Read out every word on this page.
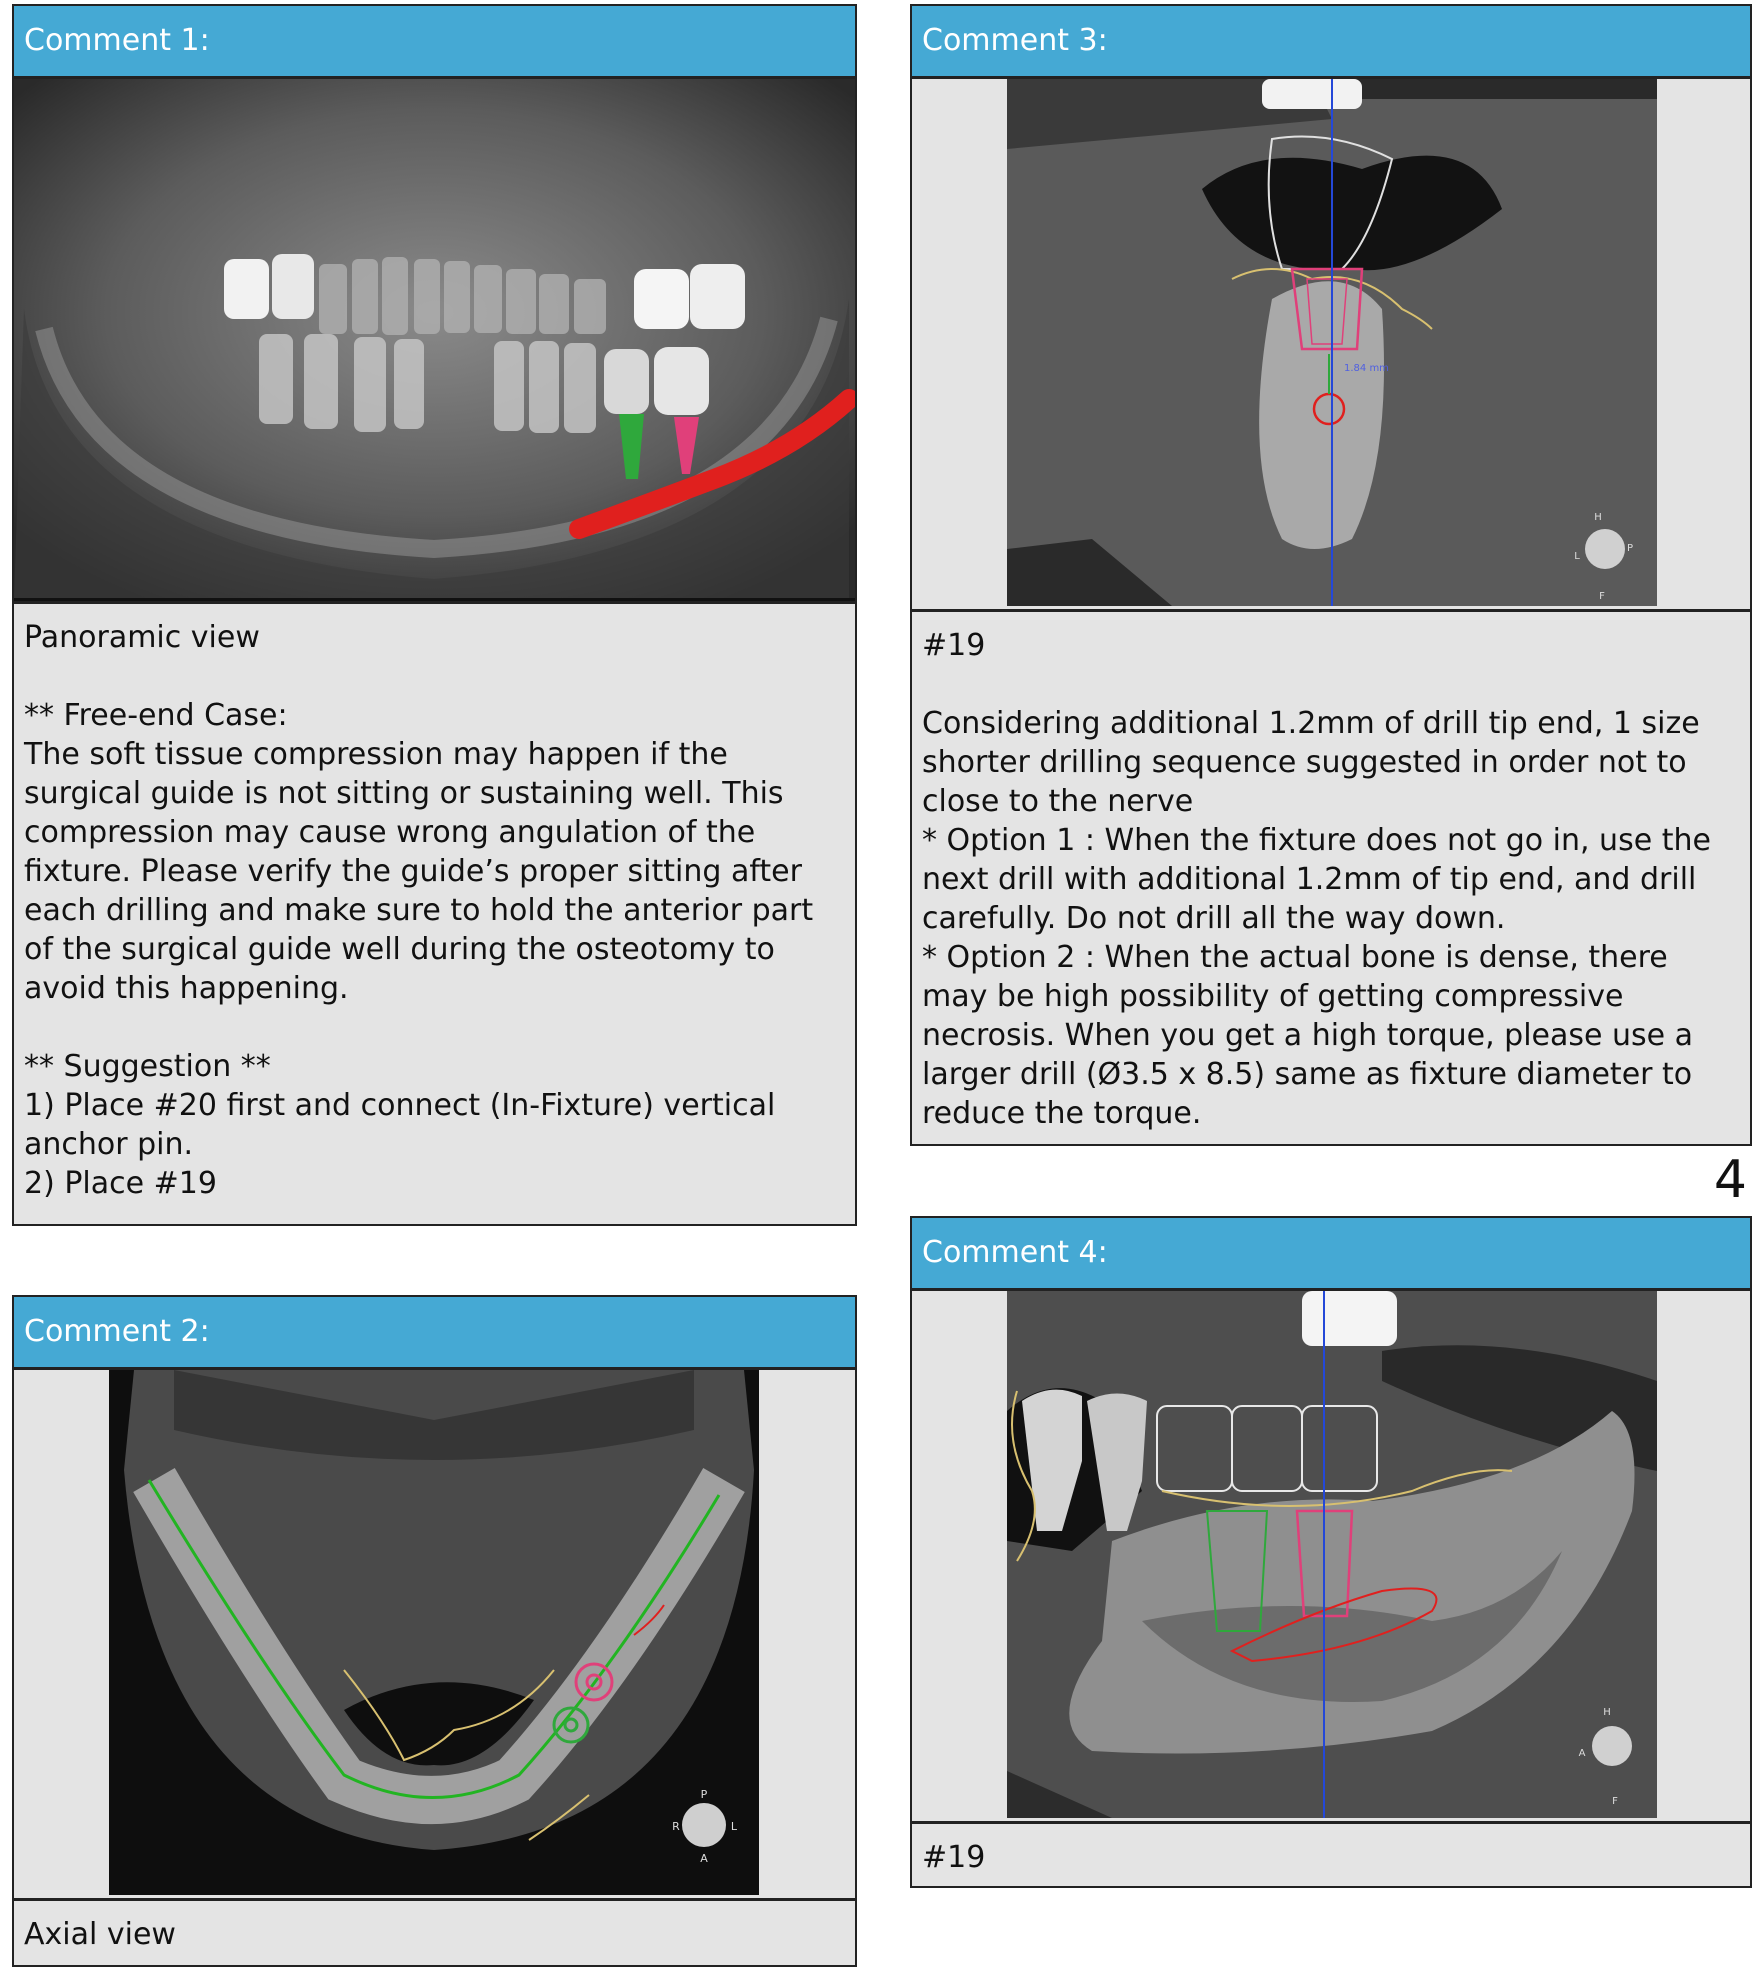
Comment 1:
Panoramic view

** Free-end Case:
The soft tissue compression may happen if the surgical guide is not sitting or sustaining well. This compression may cause wrong angulation of the fixture. Please verify the guide’s proper sitting after each drilling and make sure to hold the anterior part of the surgical guide well during the osteotomy to avoid this happening.

** Suggestion **
1) Place #20 first and connect (In-Fixture) vertical anchor pin.
2) Place #19
Comment 2:
P
R	L
A
Axial view
Comment 3:
1.84 mm
H
L
P
F
#19

Considering additional 1.2mm of drill tip end, 1 size shorter drilling sequence suggested in order not to close to the nerve
* Option 1 : When the fixture does not go in, use the next drill with additional 1.2mm of tip end, and drill carefully. Do not drill all the way down.
* Option 2 : When the actual bone is dense, there may be high possibility of getting compressive necrosis. When you get a high torque, please use a larger drill (Ø3.5 x 8.5) same as fixture diameter to reduce the torque.
4
Comment 4:
H
A
F
#19
